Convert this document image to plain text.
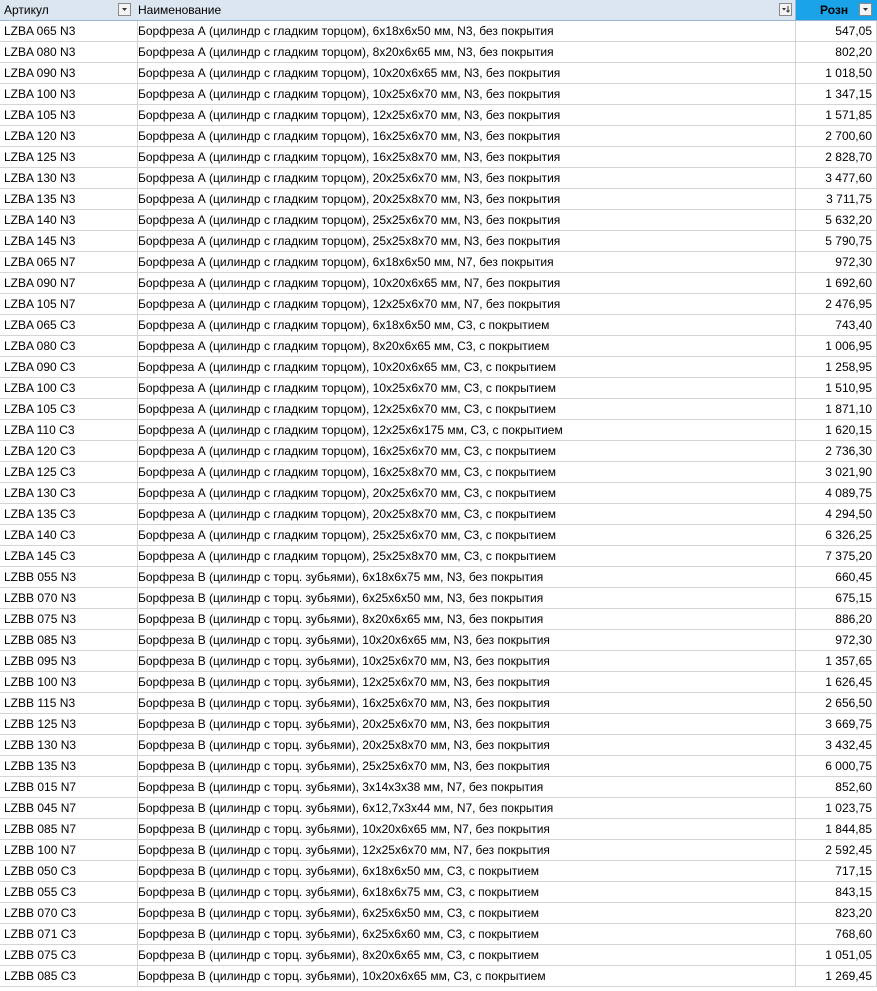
Артикул	Наименование	Розн
LZBA 065 N3	Борфреза А (цилиндр с гладким торцом), 6х18х6х50 мм, N3, без покрытия	547,05
LZBA 080 N3	Борфреза А (цилиндр с гладким торцом), 8х20х6х65 мм, N3, без покрытия	802,20
LZBA 090 N3	Борфреза А (цилиндр с гладким торцом), 10х20х6х65 мм, N3, без покрытия	1 018,50
LZBA 100 N3	Борфреза А (цилиндр с гладким торцом), 10х25х6х70 мм, N3, без покрытия	1 347,15
LZBA 105 N3	Борфреза А (цилиндр с гладким торцом), 12х25х6х70 мм, N3, без покрытия	1 571,85
LZBA 120 N3	Борфреза А (цилиндр с гладким торцом), 16х25х6х70 мм, N3, без покрытия	2 700,60
LZBA 125 N3	Борфреза А (цилиндр с гладким торцом), 16х25х8х70 мм, N3, без покрытия	2 828,70
LZBA 130 N3	Борфреза А (цилиндр с гладким торцом), 20х25х6х70 мм, N3, без покрытия	3 477,60
LZBA 135 N3	Борфреза А (цилиндр с гладким торцом), 20х25х8х70 мм, N3, без покрытия	3 711,75
LZBA 140 N3	Борфреза А (цилиндр с гладким торцом), 25х25х6х70 мм, N3, без покрытия	5 632,20
LZBA 145 N3	Борфреза А (цилиндр с гладким торцом), 25х25х8х70 мм, N3, без покрытия	5 790,75
LZBA 065 N7	Борфреза А (цилиндр с гладким торцом), 6х18х6х50 мм, N7, без покрытия	972,30
LZBA 090 N7	Борфреза А (цилиндр с гладким торцом), 10х20х6х65 мм, N7, без покрытия	1 692,60
LZBA 105 N7	Борфреза А (цилиндр с гладким торцом), 12х25х6х70 мм, N7, без покрытия	2 476,95
LZBA 065 C3	Борфреза А (цилиндр с гладким торцом), 6х18х6х50 мм, C3, с покрытием	743,40
LZBA 080 C3	Борфреза А (цилиндр с гладким торцом), 8х20х6х65 мм, C3, с покрытием	1 006,95
LZBA 090 C3	Борфреза А (цилиндр с гладким торцом), 10х20х6х65 мм, C3, с покрытием	1 258,95
LZBA 100 C3	Борфреза А (цилиндр с гладким торцом), 10х25х6х70 мм, C3, с покрытием	1 510,95
LZBA 105 C3	Борфреза А (цилиндр с гладким торцом), 12х25х6х70 мм, C3, с покрытием	1 871,10
LZBA 110 C3	Борфреза А (цилиндр с гладким торцом), 12х25х6х175 мм, C3, с покрытием	1 620,15
LZBA 120 C3	Борфреза А (цилиндр с гладким торцом), 16х25х6х70 мм, C3, с покрытием	2 736,30
LZBA 125 C3	Борфреза А (цилиндр с гладким торцом), 16х25х8х70 мм, C3, с покрытием	3 021,90
LZBA 130 C3	Борфреза А (цилиндр с гладким торцом), 20х25х6х70 мм, C3, с покрытием	4 089,75
LZBA 135 C3	Борфреза А (цилиндр с гладким торцом), 20х25х8х70 мм, C3, с покрытием	4 294,50
LZBA 140 C3	Борфреза А (цилиндр с гладким торцом), 25х25х6х70 мм, C3, с покрытием	6 326,25
LZBA 145 C3	Борфреза А (цилиндр с гладким торцом), 25х25х8х70 мм, C3, с покрытием	7 375,20
LZBB 055 N3	Борфреза В (цилиндр с торц. зубьями), 6х18х6х75 мм, N3, без покрытия	660,45
LZBB 070 N3	Борфреза В (цилиндр с торц. зубьями), 6х25х6х50 мм, N3, без покрытия	675,15
LZBB 075 N3	Борфреза В (цилиндр с торц. зубьями), 8х20х6х65 мм, N3, без покрытия	886,20
LZBB 085 N3	Борфреза В (цилиндр с торц. зубьями), 10х20х6х65 мм, N3, без покрытия	972,30
LZBB 095 N3	Борфреза В (цилиндр с торц. зубьями), 10х25х6х70 мм, N3, без покрытия	1 357,65
LZBB 100 N3	Борфреза В (цилиндр с торц. зубьями), 12х25х6х70 мм, N3, без покрытия	1 626,45
LZBB 115 N3	Борфреза В (цилиндр с торц. зубьями), 16х25х6х70 мм, N3, без покрытия	2 656,50
LZBB 125 N3	Борфреза В (цилиндр с торц. зубьями), 20х25х6х70 мм, N3, без покрытия	3 669,75
LZBB 130 N3	Борфреза В (цилиндр с торц. зубьями), 20х25х8х70 мм, N3, без покрытия	3 432,45
LZBB 135 N3	Борфреза В (цилиндр с торц. зубьями), 25х25х6х70 мм, N3, без покрытия	6 000,75
LZBB 015 N7	Борфреза В (цилиндр с торц. зубьями), 3х14х3х38 мм, N7, без покрытия	852,60
LZBB 045 N7	Борфреза В (цилиндр с торц. зубьями), 6х12,7х3х44 мм, N7, без покрытия	1 023,75
LZBB 085 N7	Борфреза В (цилиндр с торц. зубьями), 10х20х6х65 мм, N7, без покрытия	1 844,85
LZBB 100 N7	Борфреза В (цилиндр с торц. зубьями), 12х25х6х70 мм, N7, без покрытия	2 592,45
LZBB 050 C3	Борфреза В (цилиндр с торц. зубьями), 6х18х6х50 мм, C3, с покрытием	717,15
LZBB 055 C3	Борфреза В (цилиндр с торц. зубьями), 6х18х6х75 мм, C3, с покрытием	843,15
LZBB 070 C3	Борфреза В (цилиндр с торц. зубьями), 6х25х6х50 мм, C3, с покрытием	823,20
LZBB 071 C3	Борфреза В (цилиндр с торц. зубьями), 6х25х6х60 мм, C3, с покрытием	768,60
LZBB 075 C3	Борфреза В (цилиндр с торц. зубьями), 8х20х6х65 мм, C3, с покрытием	1 051,05
LZBB 085 C3	Борфреза В (цилиндр с торц. зубьями), 10х20х6х65 мм, C3, с покрытием	1 269,45
